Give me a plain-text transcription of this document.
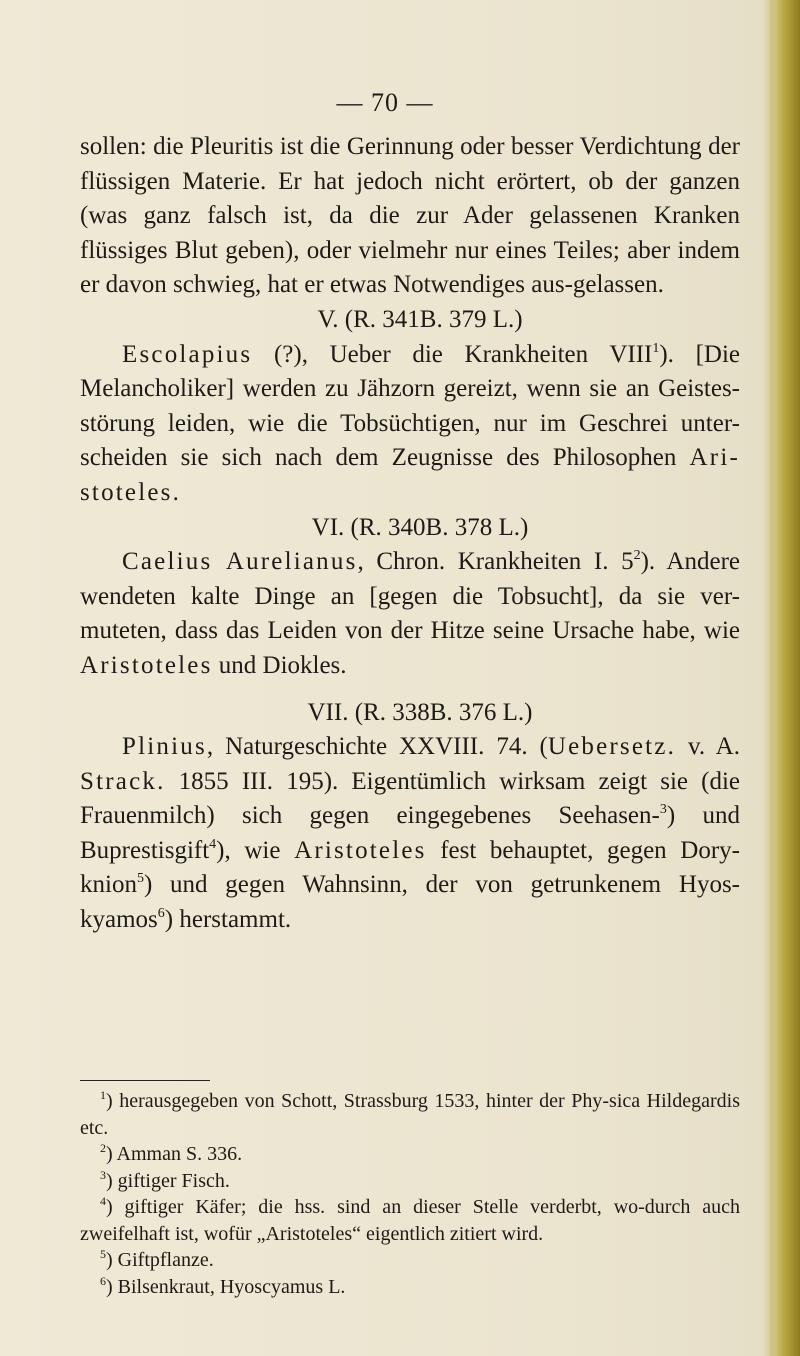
— 70 —

sollen: die Pleuritis ist die Gerinnung oder besser Verdichtung der flüssigen Materie. Er hat jedoch nicht erörtert, ob der ganzen (was ganz falsch ist, da die zur Ader gelassenen Kranken flüssiges Blut geben), oder vielmehr nur eines Teiles; aber indem er davon schwieg, hat er etwas Notwendiges aus-gelassen.

V. (R. 341B. 379 L.)

Escolapius (?), Ueber die Krankheiten VIII$^1$). [Die Melancholiker] werden zu Jähzorn gereizt, wenn sie an Geistes-störung leiden, wie die Tobsüchtigen, nur im Geschrei unter-scheiden sie sich nach dem Zeugnisse des Philosophen Ari-stoteles.

VI. (R. 340B. 378 L.)

Caelius Aurelianus, Chron. Krankheiten I. $5^2$). Andere wendeten kalte Dinge an [gegen die Tobsucht], da sie ver-muteten, dass das Leiden von der Hitze seine Ursache habe, wie Aristoteles und Diokles.

VII. (R. 338B. 376 L.)

Plinius, Naturgeschichte XXVIII. 74. (Uebersetz. v. A. Strack. 1855 III. 195). Eigentümlich wirksam zeigt sie (die Frauenmilch) sich gegen eingegebenes Seehasen-$^3$) und Buprestisgift$^4$), wie Aristoteles fest behauptet, gegen Dory-knion$^5$) und gegen Wahnsinn, der von getrunkenem Hyos-kyamos$^6$) herstammt.

$^1$) herausgegeben von Schott, Strassburg 1533, hinter der Phy-sica Hildegardis etc.

$^2$) Amman S. 336.

$^3$) giftiger Fisch.

$^4$) giftiger Käfer; die hss. sind an dieser Stelle verderbt, wo-durch auch zweifelhaft ist, wofür „Aristoteles“ eigentlich zitiert wird.

$^5$) Giftpflanze.

$^6$) Bilsenkraut, Hyoscyamus L.
